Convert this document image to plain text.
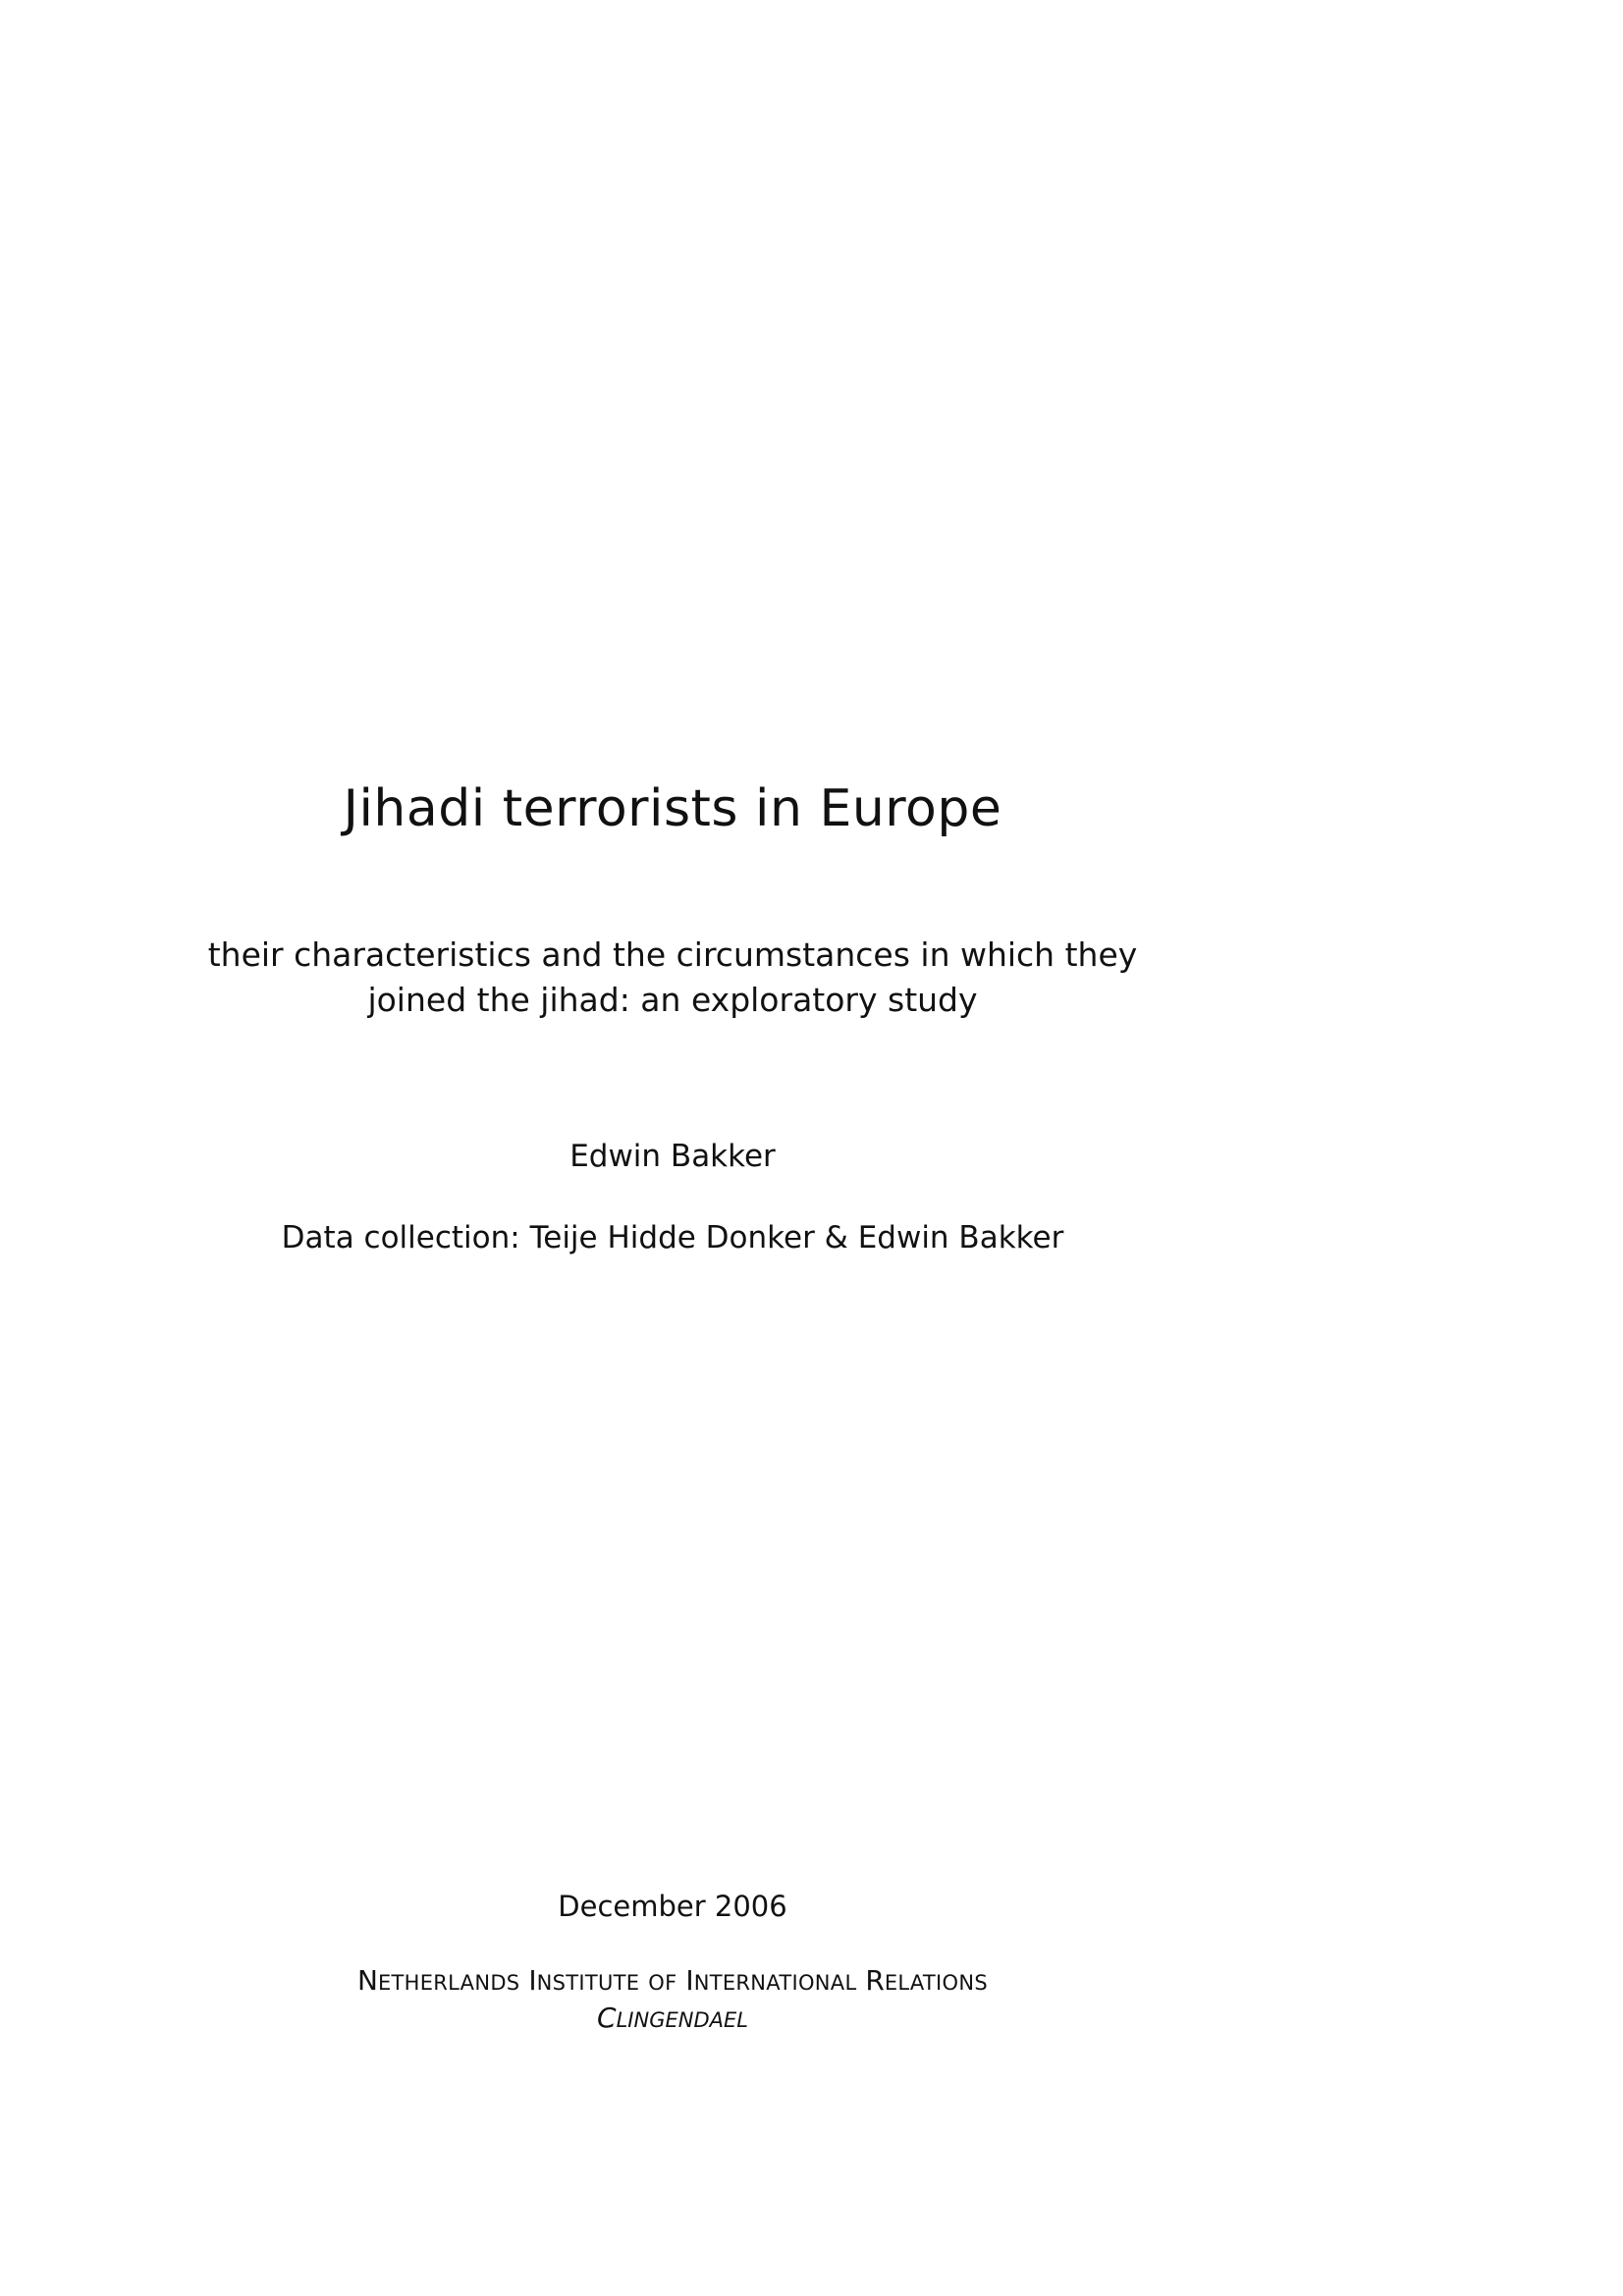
Jihadi terrorists in Europe
their characteristics and the circumstances in which they
joined the jihad: an exploratory study
Edwin Bakker
Data collection: Teije Hidde Donker & Edwin Bakker
December 2006
NETHERLANDS INSTITUTE OF INTERNATIONAL RELATIONS
CLINGENDAEL
